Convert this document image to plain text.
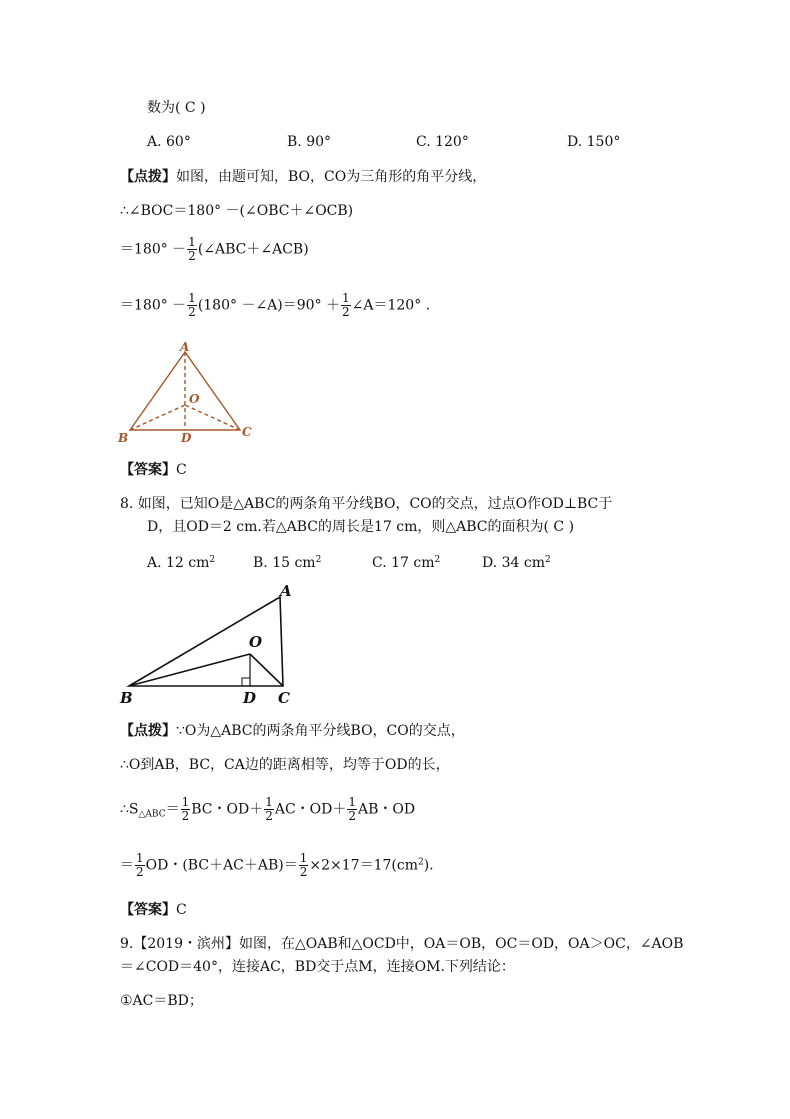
数为( C )
A. 60°	B. 90°	C. 120°	D. 150°
【点拨】如图，由题可知，BO，CO为三角形的角平分线，
∴∠BOC＝180° －(∠OBC＋∠OCB)
$=180^\circ - \frac{1}{2}$ (∠ABC＋∠ACB)
$=180^\circ - \frac{1}{2} (180^\circ$ －∠A)＝90° ＋ $\frac{1}{2}$ ∠A＝120° .
A
B	C
D
O
【答案】C
8. 如图，已知O是△ABC的两条角平分线BO，CO的交点，过点O作OD⊥BC于
D，且OD＝2 cm.若△ABC的周长是17 cm，则△ABC的面积为( C )
A. 12 $cm^2$	B. 15 $cm^2$	C. 17 $cm^2$	D. 34 $cm^2$
A
B	C
D
O
【点拨】∵O为△ABC的两条角平分线BO，CO的交点，
∴O到AB，BC，CA边的距离相等，均等于OD的长，
$\therefore S_{\triangle ABC}= \frac{1}{2}$ BC・$OD+ \frac{1}{2}$ AC・$OD+ \frac{1}{2}$ AB・OD
＝ $\frac{1}{2}$ OD・$(BC+AC+AB)= \frac{1}{2} \times 2\times 17=17(cm^2)$.
【答案】C
9.【2019・滨州】如图，在△OAB和△OCD中，OA＝OB，OC＝OD，OA＞OC，∠AOB
＝∠COD＝40°，连接AC，BD交于点M，连接OM.下列结论：
①AC＝BD；
